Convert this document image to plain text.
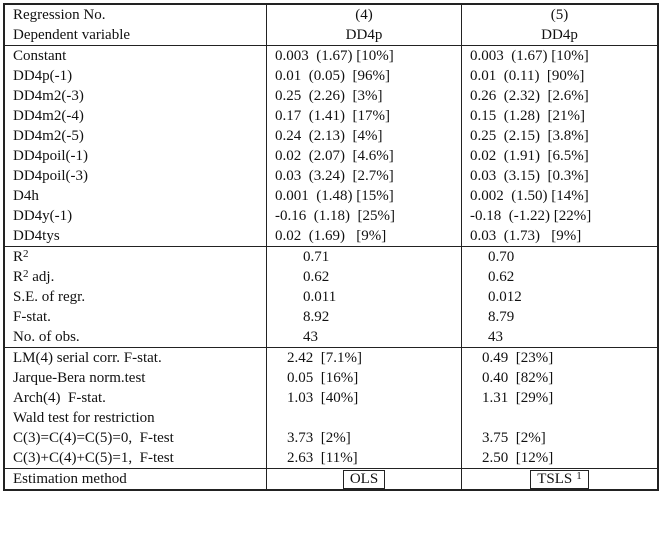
Regression No.	(4)	(5)
Dependent variable	DD4p	DD4p
Constant	0.003  (1.67) [10%]	0.003  (1.67) [10%]
DD4p(-1)	0.01  (0.05)  [96%]	0.01  (0.11)  [90%]
DD4m2(-3)	0.25  (2.26)  [3%]	0.26  (2.32)  [2.6%]
DD4m2(-4)	0.17  (1.41)  [17%]	0.15  (1.28)  [21%]
DD4m2(-5)	0.24  (2.13)  [4%]	0.25  (2.15)  [3.8%]
DD4poil(-1)	0.02  (2.07)  [4.6%]	0.02  (1.91)  [6.5%]
DD4poil(-3)	0.03  (3.24)  [2.7%]	0.03  (3.15)  [0.3%]
D4h	0.001  (1.48) [15%]	0.002  (1.50) [14%]
DD4y(-1)	-0.16  (1.18)  [25%]	-0.18  (-1.22) [22%]
DD4tys	0.02  (1.69)   [9%]	0.03  (1.73)   [9%]
$R^2$	0.71	0.70
$R^2$ adj.	0.62	0.62
S.E. of regr.	0.011	0.012
F-stat.	8.92	8.79
No. of obs.	43	43
LM(4) serial corr. F-stat.	2.42  [7.1%]	0.49  [23%]
Jarque-Bera norm.test	0.05  [16%]	0.40  [82%]
Arch(4)  F-stat.	1.03  [40%]	1.31  [29%]
Wald test for restriction		
C(3)=C(4)=C(5)=0,  F-test	3.73  [2%]	3.75  [2%]
C(3)+C(4)+C(5)=1,  F-test	2.63  [11%]	2.50  [12%]
Estimation method	OLS	TSLS $^1$
